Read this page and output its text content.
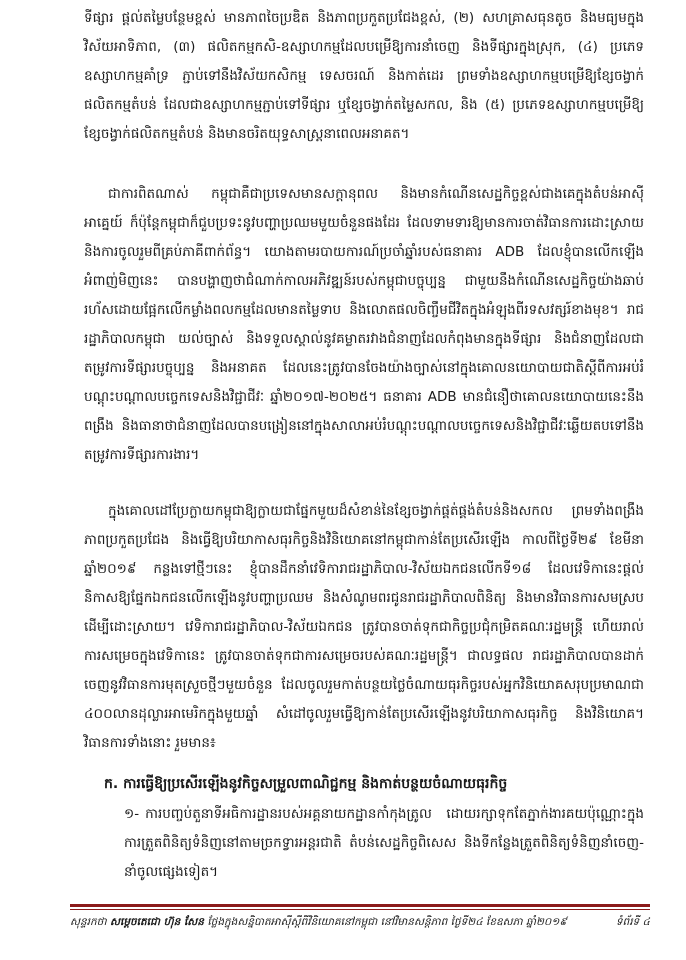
ទីផ្សារ ផ្តល់តម្លៃបន្ថែមខ្ពស់ មានភាពចៃប្រឌិត និងភាពប្រកួតប្រជែងខ្ពស់, (២) សហគ្រាសធុនតូច និងមធ្យមក្នុងវិស័យអាទិភាព, (៣) ផលិតកម្មកសិ-ឧស្សាហកម្មដែលបម្រើឱ្យការនាំចេញ និងទីផ្សារក្នុងស្រុក, (៤) ប្រភេទឧស្សាហកម្មគាំទ្រ ភ្ជាប់ទៅនឹងវិស័យកសិកម្ម ទេសចរណ៍ និងកាត់ដេរ ព្រមទាំងឧស្សាហកម្មបម្រើឱ្យខ្សែចង្វាក់ផលិតកម្មតំបន់ ដែលជាឧស្សាហកម្មភ្ជាប់ទៅទីផ្សារ ឬខ្សែចង្វាក់តម្លៃសកល, និង (៥) ប្រភេទឧស្សាហកម្មបម្រើឱ្យខ្សែចង្វាក់ផលិតកម្មតំបន់ និងមានចរិតយុទ្ធសាស្ត្រនាពេលអនាគត។

ជាការពិតណាស់ កម្ពុជាគឺជាប្រទេសមានសក្តានុពល និងមានកំណើនសេដ្ឋកិច្ចខ្ពស់ជាងគេក្នុងតំបន់អាស៊ីអាគ្នេយ៍ ក៏ប៉ុន្តែកម្ពុជាក៏ជួបប្រទះនូវបញ្ហាប្រឈមមួយចំនួនផងដែរ ដែលទាមទារឱ្យមានការចាត់វិធានការដោះស្រាយ និងការចូលរួមពីគ្រប់ភាគីពាក់ព័ន្ធ។ យោងតាមរបាយការណ៍ប្រចាំឆ្នាំរបស់ធនាគារ ADB ដែលខ្ញុំបានលើកឡើងអំពាញ់មិញនេះ បានបង្ហាញថាជំណាក់កាលអភិវឌ្ឍន៍របស់កម្ពុជាបច្ចុប្បន្ន ជាមួយនឹងកំណើនសេដ្ឋកិច្ចយ៉ាងឆាប់រហ័សដោយផ្អែកលើកម្លាំងពលកម្មដែលមានតម្លៃទាប និងលោតផលចិញ្ចឹមជីវិតក្នុងអំឡុងពីរទសវត្សរ៍ខាងមុខ។ រាជរដ្ឋាភិបាលកម្ពុជា យល់ច្បាស់ និងទទួលស្គាល់នូវគម្លាតរវាងជំនាញដែលកំពុងមានក្នុងទីផ្សារ និងជំនាញដែលជាតម្រូវការទីផ្សារបច្ចុប្បន្ន និងអនាគត ដែលនេះត្រូវបានចែងយ៉ាងច្បាស់នៅក្នុងគោលនយោបាយជាតិស្តីពីការអប់រំបណ្តុះបណ្តាលបច្ចេកទេសនិងវិជ្ជាជីវៈ ឆ្នាំ២០១៧-២០២៥។ ធនាគារ ADB មានជំនឿថាគោលនយោបាយនេះនឹងពង្រឹង និងធានាថាជំនាញដែលបានបង្រៀននៅក្នុងសាលាអប់រំបណ្តុះបណ្តាលបច្ចេកទេសនិងវិជ្ជាជីវៈឆ្លើយតបទៅនឹងតម្រូវការទីផ្សារការងារ។

ក្នុងគោលដៅប្រែក្លាយកម្ពុជាឱ្យក្លាយជាផ្នែកមួយដ៏សំខាន់នៃខ្សែចង្វាក់ផ្គត់ផ្គង់តំបន់និងសកល ព្រមទាំងពង្រឹងភាពប្រកួតប្រជែង និងធ្វើឱ្យបរិយាកាសធុរកិច្ចនិងវិនិយោគនៅកម្ពុជាកាន់តែប្រសើរឡើង កាលពីថ្ងៃទី២៩ ខែមីនា ឆ្នាំ២០១៩ កន្លងទៅថ្មីៗនេះ ខ្ញុំបានដឹកនាំវេទិការាជរដ្ឋាភិបាល-វិស័យឯកជនលើកទី១៨ ដែលវេទិកានេះផ្តល់និកាសឱ្យផ្នែកឯកជនលើកឡើងនូវបញ្ហាប្រឈម និងសំណូមពរជូនរាជរដ្ឋាភិបាលពិនិត្យ និងមានវិធានការសមស្របដើម្បីដោះស្រាយ។ វេទិការាជរដ្ឋាភិបាល-វិស័យឯកជន ត្រូវបានចាត់ទុកជាកិច្ចប្រជុំកម្រិតគណៈរដ្ឋមន្ត្រី ហើយរាល់ការសម្រេចក្នុងវេទិកានេះ ត្រូវបានចាត់ទុកជាការសម្រេចរបស់គណៈរដ្ឋមន្ត្រី។ ជាលទ្ធផល រាជរដ្ឋាភិបាលបានដាក់ចេញនូវវិធានការមុតស្រួចថ្មីៗមួយចំនួន ដែលចូលរួមកាត់បន្ថយថ្លៃចំណាយធុរកិច្ចរបស់អ្នកវិនិយោគសរុបប្រមាណជា ៤០០លានដុល្លារអាមេរិកក្នុងមួយឆ្នាំ សំដៅចូលរួមធ្វើឱ្យកាន់តែប្រសើរឡើងនូវបរិយាកាសធុរកិច្ច និងវិនិយោគ។ វិធានការទាំងនោះ រួមមាន៖

ក. ការធ្វើឱ្យប្រសើរឡើងនូវកិច្ចសម្រួលពាណិជ្ជកម្ម និងកាត់បន្ថយចំណាយធុរកិច្ច

១- ការបញ្ចប់តួនាទីអធិការដ្ឋានរបស់អគ្គនាយកដ្ឋានកាំកុងត្រូល ដោយរក្សាទុកតែភ្នាក់ងារគយប៉ុណ្ណោះក្នុងការត្រួតពិនិត្យទំនិញនៅតាមច្រកទ្វារអន្តរជាតិ តំបន់សេដ្ឋកិច្ចពិសេស និងទីកន្លែងត្រួតពិនិត្យទំនិញនាំចេញ-នាំចូលផ្សេងទៀត។

សុន្ទរកថា សម្តេចតេជោ ហ៊ុន សែន ថ្លែងក្នុងសន្និបាតអាស៊ីស្តីពីវិនិយោគនៅកម្ពុជា នៅវិមានសន្តិភាព ថ្ងៃទី២៤ ខែឧសភា ឆ្នាំ២០១៩	ទំព័រទី ៤
